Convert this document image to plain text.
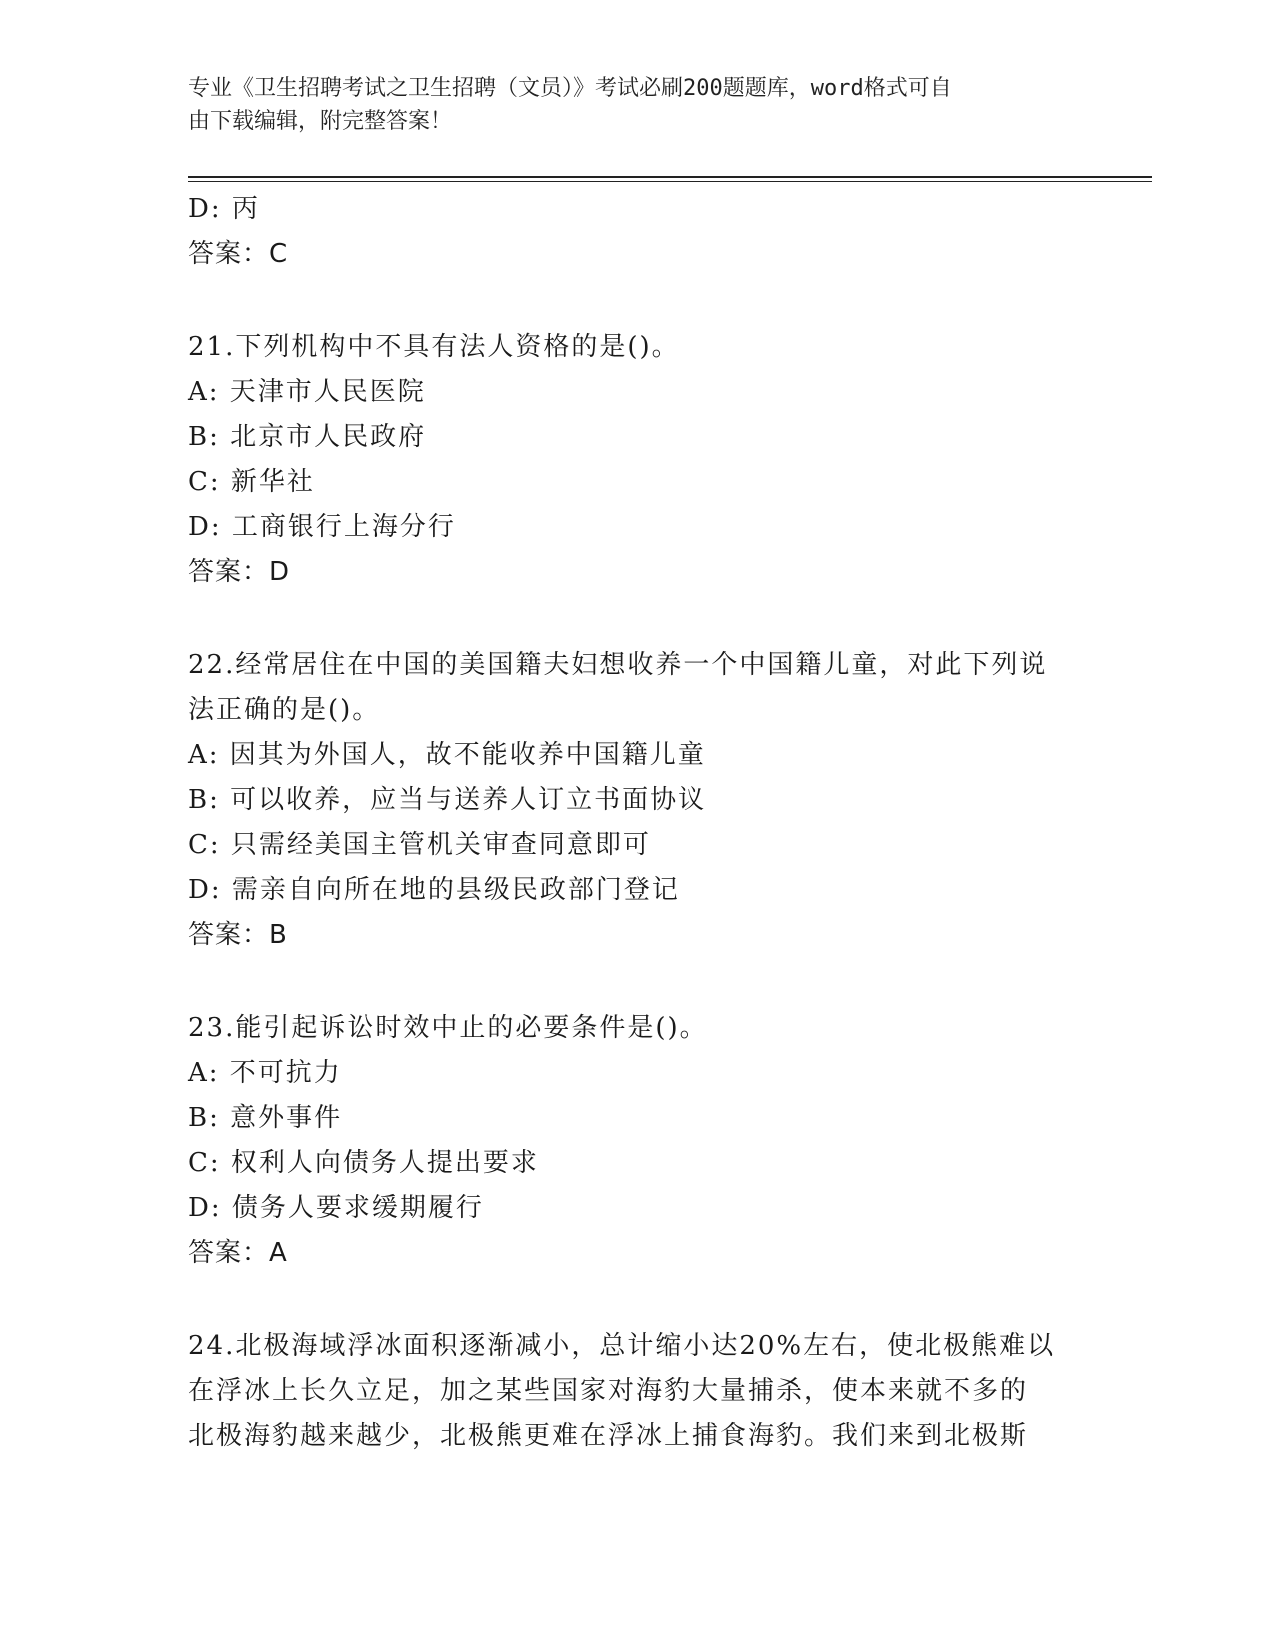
专业《卫生招聘考试之卫生招聘（文员）》考试必刷200题题库，word格式可自
由下载编辑，附完整答案！
D: 丙
答案：C
21.下列机构中不具有法人资格的是()。
A: 天津市人民医院
B: 北京市人民政府
C: 新华社
D: 工商银行上海分行
答案：D
22.经常居住在中国的美国籍夫妇想收养一个中国籍儿童，对此下列说
法正确的是()。
A: 因其为外国人，故不能收养中国籍儿童
B: 可以收养，应当与送养人订立书面协议
C: 只需经美国主管机关审查同意即可
D: 需亲自向所在地的县级民政部门登记
答案：B
23.能引起诉讼时效中止的必要条件是()。
A: 不可抗力
B: 意外事件
C: 权利人向债务人提出要求
D: 债务人要求缓期履行
答案：A
24.北极海域浮冰面积逐渐减小，总计缩小达20%左右，使北极熊难以
在浮冰上长久立足，加之某些国家对海豹大量捕杀，使本来就不多的
北极海豹越来越少，北极熊更难在浮冰上捕食海豹。我们来到北极斯
